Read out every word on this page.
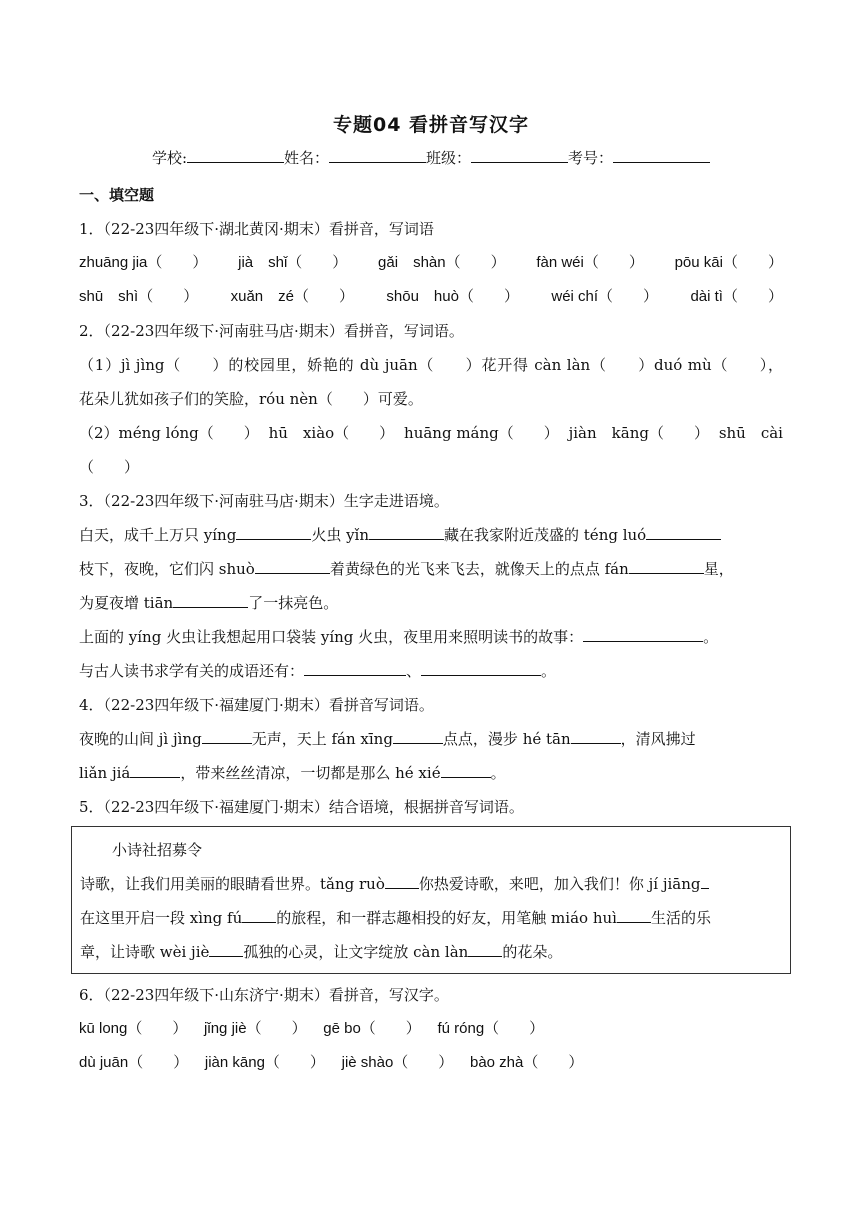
专题04 看拼音写汉字
学校:	姓名：	班级：	考号：
一、填空题
1．（22-23四年级下·湖北黄冈·期末）看拼音，写词语
zhuāng jia（　　） jià　shǐ（　　） gǎi　shàn（　　） fàn wéi（　　） pōu kāi（　　）
shū　shì（　　） xuǎn　zé（　　） shōu　huò（　　） wéi chí（　　） dài tì（　　）
2．（22-23四年级下·河南驻马店·期末）看拼音，写词语。
（1）jì jìng（　　）的校园里，娇艳的 dù juān（　　）花开得 càn làn（　　）duó mù（　　），
花朵儿犹如孩子们的笑脸，róu nèn（　　）可爱。
（2）méng lóng（　　） hū　xiào（　　） huāng máng（　　） jiàn　kāng（　　） shū　cài
（　　）
3．（22-23四年级下·河南驻马店·期末）生字走进语境。
白天，成千上万只 yíng	火虫 yǐn	藏在我家附近茂盛的 téng luó
枝下，夜晚，它们闪 shuò	着黄绿色的光飞来飞去，就像天上的点点 fán	星，
为夏夜增 tiān	了一抹亮色。
上面的 yíng 火虫让我想起用口袋装 yíng 火虫，夜里用来照明读书的故事：	。
与古人读书求学有关的成语还有：	、	。
4．（22-23四年级下·福建厦门·期末）看拼音写词语。
夜晚的山间 jì jìng	无声，天上 fán xīng	点点，漫步 hé tān	，清风拂过
liǎn jiá	，带来丝丝清凉，一切都是那么 hé xié	。
5．（22-23四年级下·福建厦门·期末）结合语境，根据拼音写词语。
小诗社招募令
诗歌，让我们用美丽的眼睛看世界。tǎng ruò 你热爱诗歌，来吧，加入我们！你 jí jiāng
在这里开启一段 xìng fú 的旅程，和一群志趣相投的好友，用笔触 miáo huì 生活的乐
章，让诗歌 wèi jiè 孤独的心灵，让文字绽放 càn làn 的花朵。
6．（22-23四年级下·山东济宁·期末）看拼音，写汉字。
kū long（　　） jǐng jiè（　　） gē bo（　　） fú róng（　　）
dù juān（　　） jiàn kāng（　　） jiè shào（　　） bào zhà（　　）
